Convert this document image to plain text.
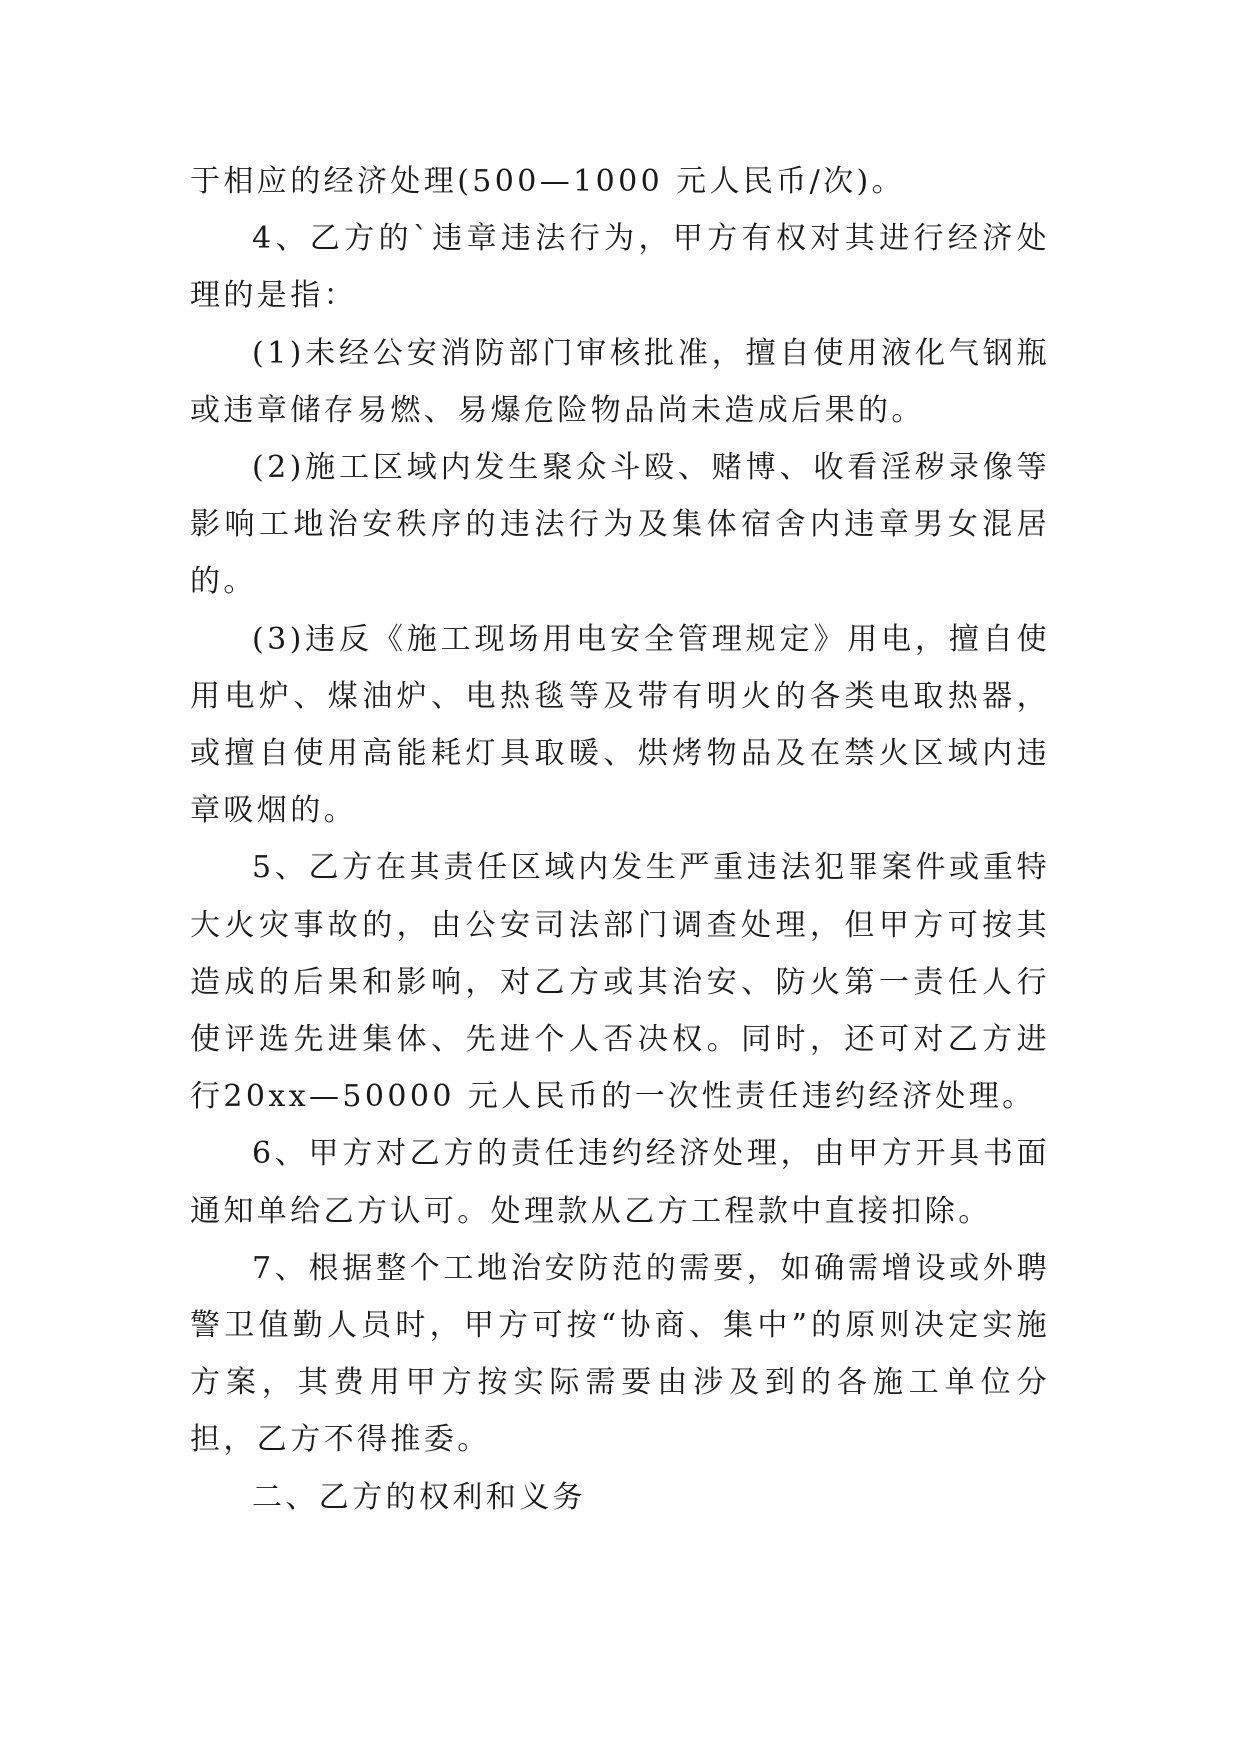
于相应的经济处理(500—1000 元人民币/次)。

4、乙方的`违章违法行为，甲方有权对其进行经济处理的是指：

(1)未经公安消防部门审核批准，擅自使用液化气钢瓶或违章储存易燃、易爆危险物品尚未造成后果的。

(2)施工区域内发生聚众斗殴、赌博、收看淫秽录像等影响工地治安秩序的违法行为及集体宿舍内违章男女混居的。

(3)违反《施工现场用电安全管理规定》用电，擅自使用电炉、煤油炉、电热毯等及带有明火的各类电取热器，或擅自使用高能耗灯具取暖、烘烤物品及在禁火区域内违章吸烟的。

5、乙方在其责任区域内发生严重违法犯罪案件或重特大火灾事故的，由公安司法部门调查处理，但甲方可按其造成的后果和影响，对乙方或其治安、防火第一责任人行使评选先进集体、先进个人否决权。同时，还可对乙方进行20xx—50000 元人民币的一次性责任违约经济处理。

6、甲方对乙方的责任违约经济处理，由甲方开具书面通知单给乙方认可。处理款从乙方工程款中直接扣除。

7、根据整个工地治安防范的需要，如确需增设或外聘警卫值勤人员时，甲方可按“协商、集中”的原则决定实施方案，其费用甲方按实际需要由涉及到的各施工单位分担，乙方不得推委。

二、乙方的权利和义务
